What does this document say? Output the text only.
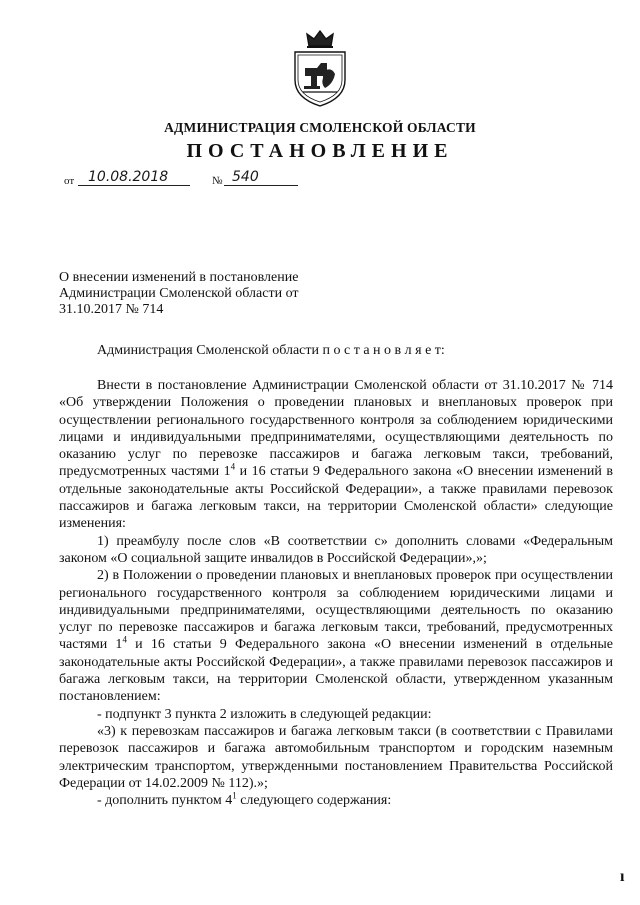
АДМИНИСТРАЦИЯ СМОЛЕНСКОЙ ОБЛАСТИ
ПОСТАНОВЛЕНИЕ
от 10.08.2018	№ 540
О внесении изменений в постановление
Администрации Смоленской области от
31.10.2017 № 714
Администрация Смоленской области п о с т а н о в л я е т:

Внести в постановление Администрации Смоленской области от 31.10.2017 № 714 «Об утверждении Положения о проведении плановых и внеплановых проверок при осуществлении регионального государственного контроля за соблюдением юридическими лицами и индивидуальными предпринимателями, осуществляющими деятельность по оказанию услуг по перевозке пассажиров и багажа легковым такси, требований, предусмотренных частями $1^4$ и 16 статьи 9 Федерального закона «О внесении изменений в отдельные законодательные акты Российской Федерации», а также правилами перевозок пассажиров и багажа легковым такси, на территории Смоленской области» следующие изменения:

1) преамбулу после слов «В соответствии с» дополнить словами «Федеральным законом «О социальной защите инвалидов в Российской Федерации»,»;

2) в Положении о проведении плановых и внеплановых проверок при осуществлении регионального государственного контроля за соблюдением юридическими лицами и индивидуальными предпринимателями, осуществляющими деятельность по оказанию услуг по перевозке пассажиров и багажа легковым такси, требований, предусмотренных частями $1^4$ и 16 статьи 9 Федерального закона «О внесении изменений в отдельные законодательные акты Российской Федерации», а также правилами перевозок пассажиров и багажа легковым такси, на территории Смоленской области, утвержденном указанным постановлением:

- подпункт 3 пункта 2 изложить в следующей редакции:

«3) к перевозкам пассажиров и багажа легковым такси (в соответствии с Правилами перевозок пассажиров и багажа автомобильным транспортом и городским наземным электрическим транспортом, утвержденными постановлением Правительства Российской Федерации от 14.02.2009 № 112).»;

- дополнить пунктом $4^1$ следующего содержания:

ı
